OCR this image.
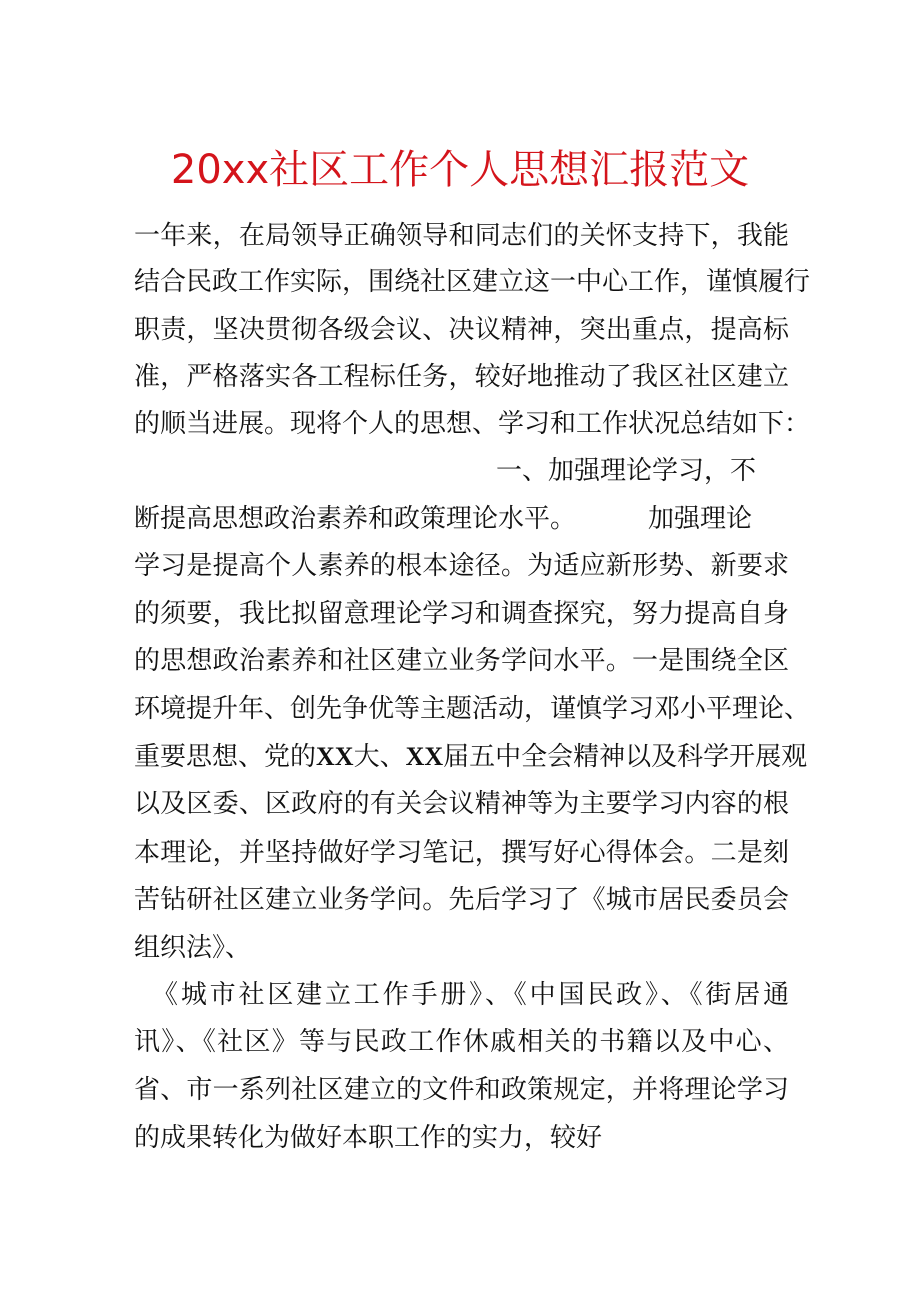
20xx社区工作个人思想汇报范文
一年来，在局领导正确领导和同志们的关怀支持下，我能
结合民政工作实际，围绕社区建立这一中心工作，谨慎履行
职责，坚决贯彻各级会议、决议精神，突出重点，提高标
准，严格落实各工程标任务，较好地推动了我区社区建立
的顺当进展。现将个人的思想、学习和工作状况总结如下：
一、加强理论学习，不
断提高思想政治素养和政策理论水平。	加强理论
学习是提高个人素养的根本途径。为适应新形势、新要求
的须要，我比拟留意理论学习和调查探究，努力提高自身
的思想政治素养和社区建立业务学问水平。一是围绕全区
环境提升年、创先争优等主题活动，谨慎学习邓小平理论、
重要思想、党的XX大、XX届五中全会精神以及科学开展观
以及区委、区政府的有关会议精神等为主要学习内容的根
本理论，并坚持做好学习笔记，撰写好心得体会。二是刻
苦钻研社区建立业务学问。先后学习了《城市居民委员会
组织法》、
《城市社区建立工作手册》、《中国民政》、《街居通
讯》、《社区》等与民政工作休戚相关的书籍以及中心、
省、市一系列社区建立的文件和政策规定，并将理论学习
的成果转化为做好本职工作的实力，较好
